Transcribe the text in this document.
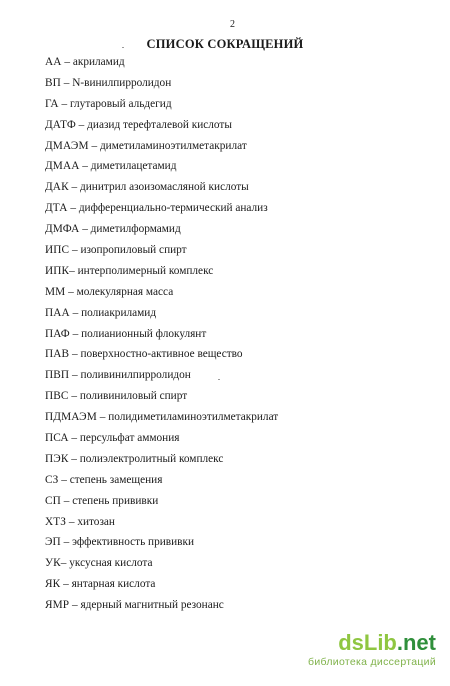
2
СПИСОК СОКРАЩЕНИЙ
АА – акриламид
ВП – N-винилпирролидон
ГА – глутаровый альдегид
ДАТФ – диазид терефталевой кислоты
ДМАЭМ – диметиламиноэтилметакрилат
ДМАА – диметилацетамид
ДАК – динитрил азоизомасляной кислоты
ДТА – дифференциально-термический анализ
ДМФА – диметилформамид
ИПС – изопропиловый спирт
ИПК– интерполимерный комплекс
ММ – молекулярная масса
ПАА – полиакриламид
ПАФ – полианионный флокулянт
ПАВ – поверхностно-активное вещество
ПВП – поливинилпирролидон
ПВС – поливиниловый спирт
ПДМАЭМ – полидиметиламиноэтилметакрилат
ПСА – персульфат аммония
ПЭК – полиэлектролитный комплекс
СЗ – степень замещения
СП – степень прививки
ХТЗ – хитозан
ЭП – эффективность прививки
УК– уксусная кислота
ЯК – янтарная кислота
ЯМР – ядерный магнитный резонанс
dsLib.net
библиотека диссертаций
